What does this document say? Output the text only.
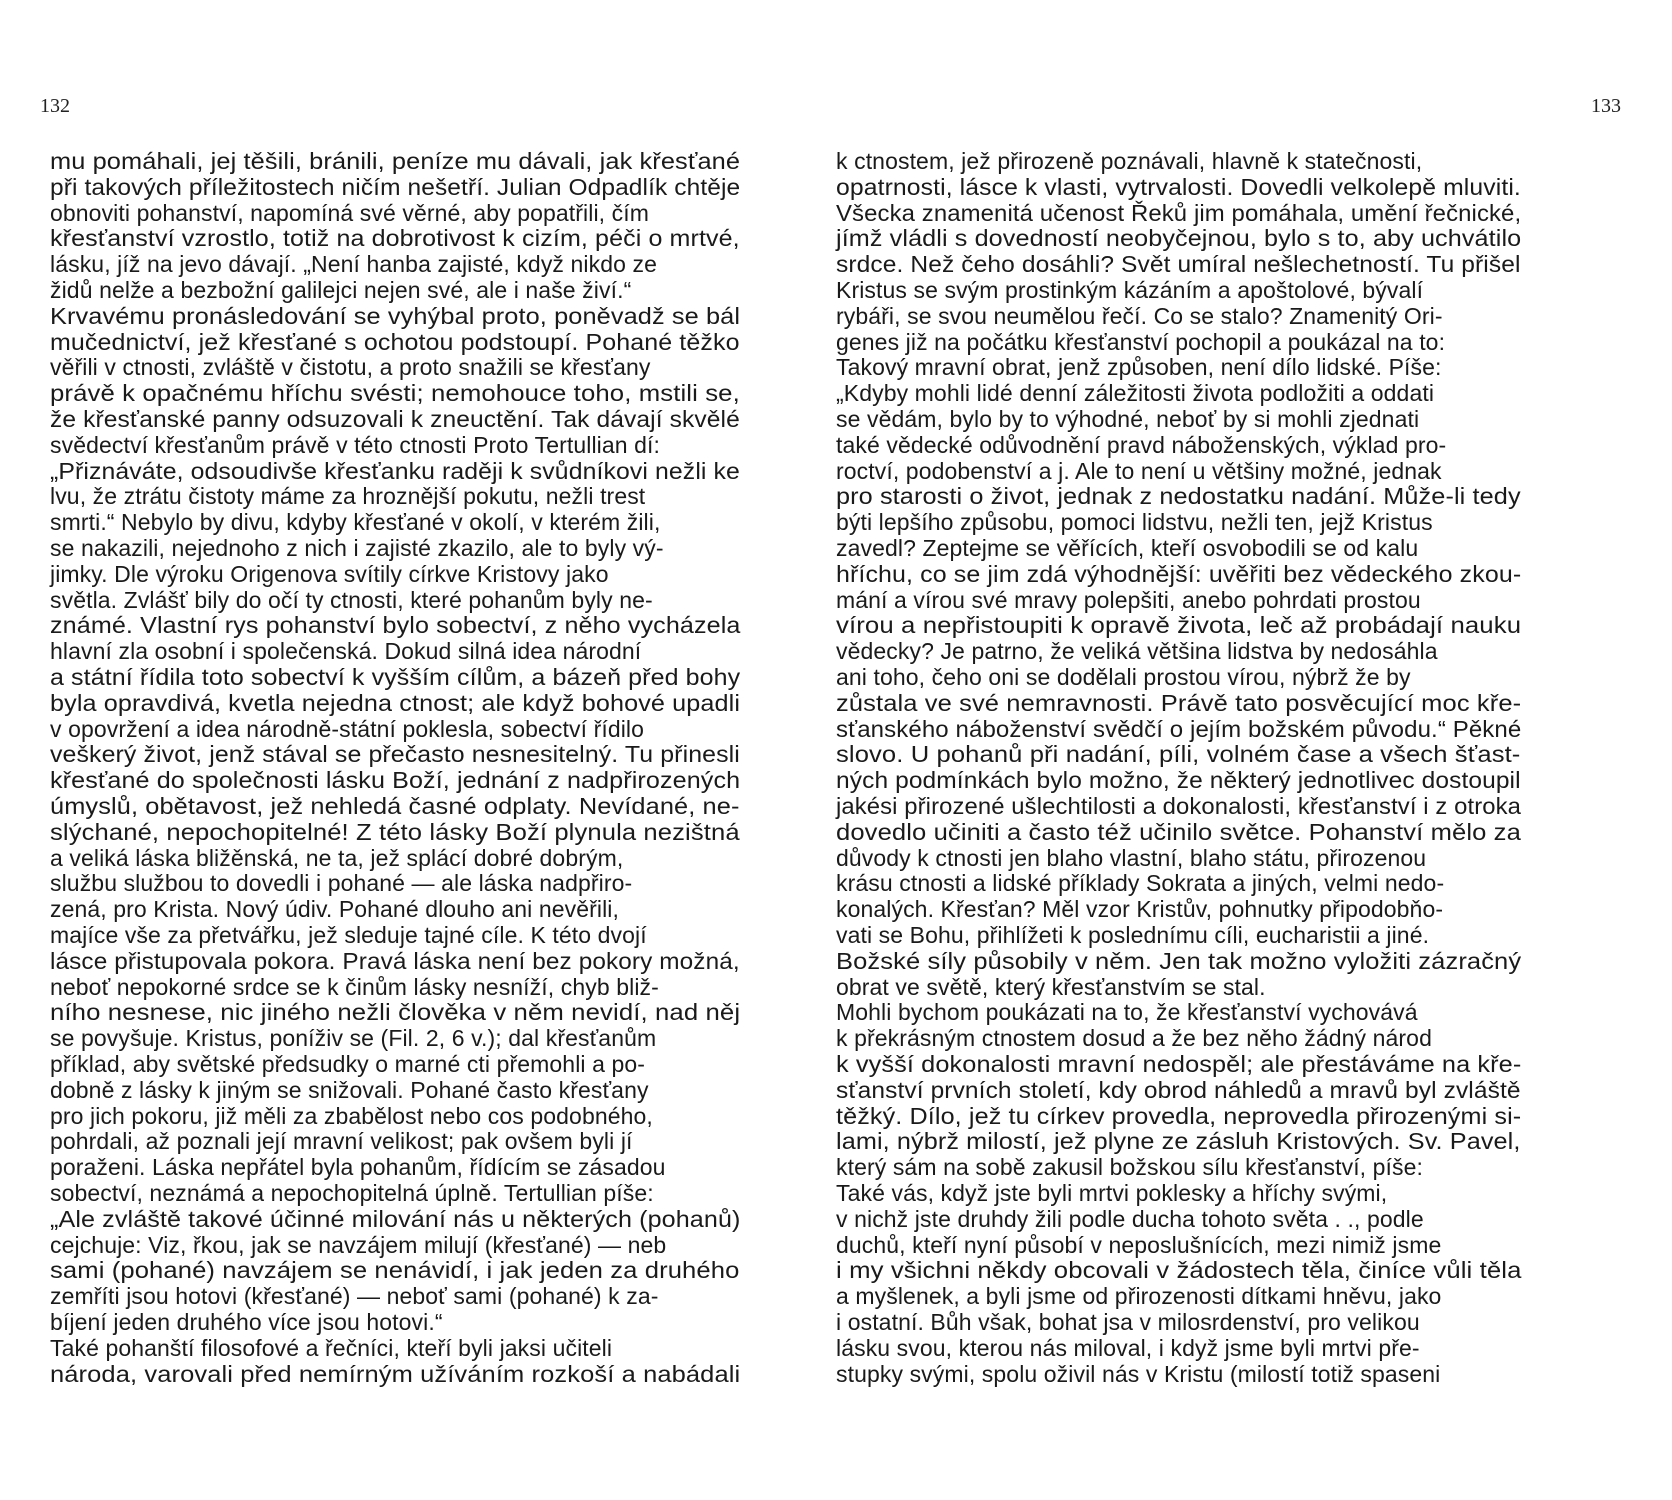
132
mu pomáhali, jej těšili, bránili, peníze mu dávali, jak křesťané
při takových příležitostech ničím nešetří. Julian Odpadlík chtěje
obnoviti pohanství, napomíná své věrné, aby popatřili, čím
křesťanství vzrostlo, totiž na dobrotivost k cizím, péči o mrtvé,
lásku, jíž na jevo dávají. „Není hanba zajisté, když nikdo ze
židů nelže a bezbožní galilejci nejen své, ale i naše živí.“
Krvavému pronásledování se vyhýbal proto, poněvadž se bál
mučednictví, jež křesťané s ochotou podstoupí. Pohané těžko
věřili v ctnosti, zvláště v čistotu, a proto snažili se křesťany
právě k opačnému hříchu svésti; nemohouce toho, mstili se,
že křesťanské panny odsuzovali k zneuctění. Tak dávají skvělé
svědectví křesťanům právě v této ctnosti Proto Tertullian dí:
„Přiznáváte, odsoudivše křesťanku raději k svůdníkovi nežli ke
lvu, že ztrátu čistoty máme za hroznější pokutu, nežli trest
smrti.“ Nebylo by divu, kdyby křesťané v okolí, v kterém žili,
se nakazili, nejednoho z nich i zajisté zkazilo, ale to byly vý-
jimky. Dle výroku Origenova svítily církve Kristovy jako
světla. Zvlášť bily do očí ty ctnosti, které pohanům byly ne-
známé. Vlastní rys pohanství bylo sobectví, z něho vycházela
hlavní zla osobní i společenská. Dokud silná idea národní
a státní řídila toto sobectví k vyšším cílům, a bázeň před bohy
byla opravdivá, kvetla nejedna ctnost; ale když bohové upadli
v opovržení a idea národně-státní poklesla, sobectví řídilo
veškerý život, jenž stával se přečasto nesnesitelný. Tu přinesli
křesťané do společnosti lásku Boží, jednání z nadpřirozených
úmyslů, obětavost, jež nehledá časné odplaty. Nevídané, ne-
slýchané, nepochopitelné! Z této lásky Boží plynula nezištná
a veliká láska bližěnská, ne ta, jež splácí dobré dobrým,
službu službou to dovedli i pohané — ale láska nadpřiro-
zená, pro Krista. Nový údiv. Pohané dlouho ani nevěřili,
majíce vše za přetvářku, jež sleduje tajné cíle. K této dvojí
lásce přistupovala pokora. Pravá láska není bez pokory možná,
neboť nepokorné srdce se k činům lásky nesníží, chyb bliž-
ního nesnese, nic jiného nežli člověka v něm nevidí, nad něj
se povyšuje. Kristus, poníživ se (Fil. 2, 6 v.); dal křesťanům
příklad, aby světské předsudky o marné cti přemohli a po-
dobně z lásky k jiným se snižovali. Pohané často křesťany
pro jich pokoru, již měli za zbabělost nebo cos podobného,
pohrdali, až poznali její mravní velikost; pak ovšem byli jí
poraženi. Láska nepřátel byla pohanům, řídícím se zásadou
sobectví, neznámá a nepochopitelná úplně. Tertullian píše:
„Ale zvláště takové účinné milování nás u některých (pohanů)
cejchuje: Viz, řkou, jak se navzájem milují (křesťané) — neb
sami (pohané) navzájem se nenávidí, i jak jeden za druhého
zemříti jsou hotovi (křesťané) — neboť sami (pohané) k za-
bíjení jeden druhého více jsou hotovi.“
Také pohanští filosofové a řečníci, kteří byli jaksi učiteli
národa, varovali před nemírným užíváním rozkoší a nabádali
133
k ctnostem, jež přirozeně poznávali, hlavně k statečnosti,
opatrnosti, lásce k vlasti, vytrvalosti. Dovedli velkolepě mluviti.
Všecka znamenitá učenost Řeků jim pomáhala, umění řečnické,
jímž vládli s dovedností neobyčejnou, bylo s to, aby uchvátilo
srdce. Než čeho dosáhli? Svět umíral nešlechetností. Tu přišel
Kristus se svým prostinkým kázáním a apoštolové, bývalí
rybáři, se svou neumělou řečí. Co se stalo? Znamenitý Ori-
genes již na počátku křesťanství pochopil a poukázal na to:
Takový mravní obrat, jenž způsoben, není dílo lidské. Píše:
„Kdyby mohli lidé denní záležitosti života podložiti a oddati
se vědám, bylo by to výhodné, neboť by si mohli zjednati
také vědecké odůvodnění pravd náboženských, výklad pro-
roctví, podobenství a j. Ale to není u většiny možné, jednak
pro starosti o život, jednak z nedostatku nadání. Může-li tedy
býti lepšího způsobu, pomoci lidstvu, nežli ten, jejž Kristus
zavedl? Zeptejme se věřících, kteří osvobodili se od kalu
hříchu, co se jim zdá výhodnější: uvěřiti bez vědeckého zkou-
mání a vírou své mravy polepšiti, anebo pohrdati prostou
vírou a nepřistoupiti k opravě života, leč až probádají nauku
vědecky? Je patrno, že veliká většina lidstva by nedosáhla
ani toho, čeho oni se dodělali prostou vírou, nýbrž že by
zůstala ve své nemravnosti. Právě tato posvěcující moc kře-
sťanského náboženství svědčí o jejím božském původu.“ Pěkné
slovo. U pohanů při nadání, píli, volném čase a všech šťast-
ných podmínkách bylo možno, že některý jednotlivec dostoupil
jakési přirozené ušlechtilosti a dokonalosti, křesťanství i z otroka
dovedlo učiniti a často též učinilo světce. Pohanství mělo za
důvody k ctnosti jen blaho vlastní, blaho státu, přirozenou
krásu ctnosti a lidské příklady Sokrata a jiných, velmi nedo-
konalých. Křesťan? Měl vzor Kristův, pohnutky připodobňo-
vati se Bohu, přihlížeti k poslednímu cíli, eucharistii a jiné.
Božské síly působily v něm. Jen tak možno vyložiti zázračný
obrat ve světě, který křesťanstvím se stal.
Mohli bychom poukázati na to, že křesťanství vychovává
k překrásným ctnostem dosud a že bez něho žádný národ
k vyšší dokonalosti mravní nedospěl; ale přestáváme na kře-
sťanství prvních století, kdy obrod náhledů a mravů byl zvláště
těžký. Dílo, jež tu církev provedla, neprovedla přirozenými si-
lami, nýbrž milostí, jež plyne ze zásluh Kristových. Sv. Pavel,
který sám na sobě zakusil božskou sílu křesťanství, píše:
Také vás, když jste byli mrtvi poklesky a hříchy svými,
v nichž jste druhdy žili podle ducha tohoto světa . ., podle
duchů, kteří nyní působí v neposlušnících, mezi nimiž jsme
i my všichni někdy obcovali v žádostech těla, činíce vůli těla
a myšlenek, a byli jsme od přirozenosti dítkami hněvu, jako
i ostatní. Bůh však, bohat jsa v milosrdenství, pro velikou
lásku svou, kterou nás miloval, i když jsme byli mrtvi pře-
stupky svými, spolu oživil nás v Kristu (milostí totiž spaseni
